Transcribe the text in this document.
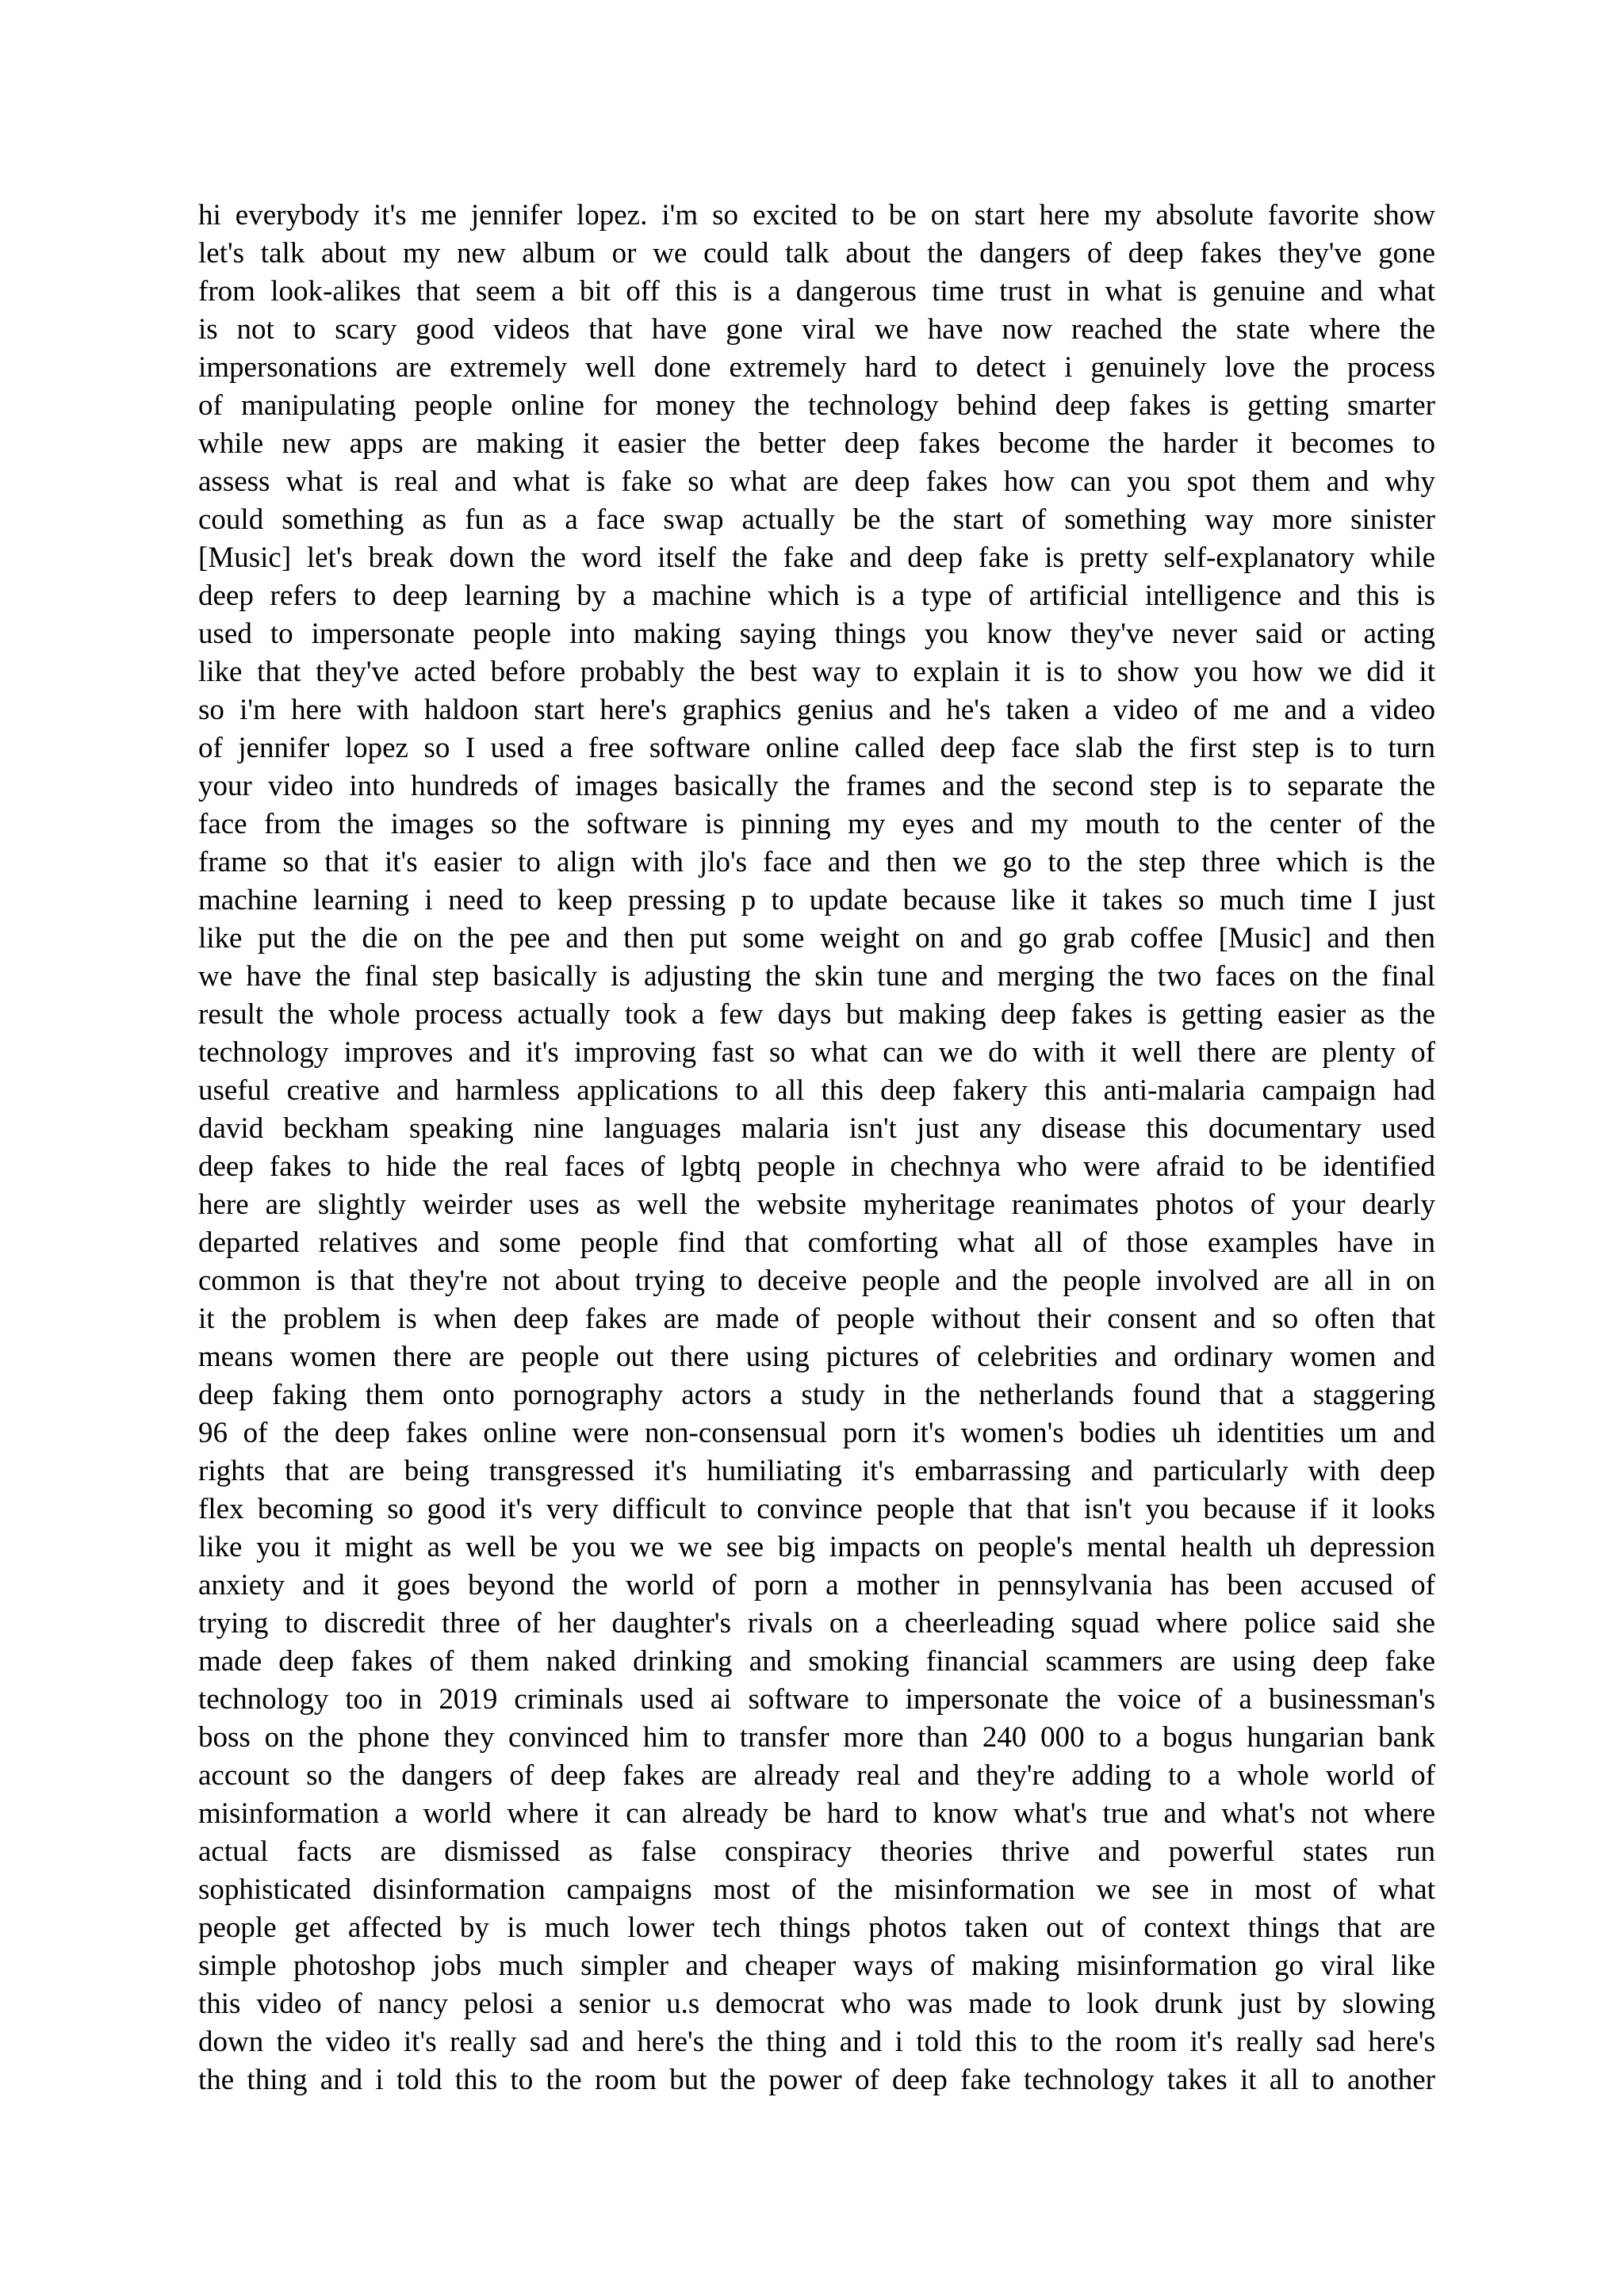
hi everybody it's me jennifer lopez. i'm so excited to be on start here my absolute favorite show
let's talk about my new album or we could talk about the dangers of deep fakes they've gone
from look-alikes that seem a bit off this is a dangerous time trust in what is genuine and what
is not to scary good videos that have gone viral we have now reached the state where the
impersonations are extremely well done extremely hard to detect i genuinely love the process
of manipulating people online for money the technology behind deep fakes is getting smarter
while new apps are making it easier the better deep fakes become the harder it becomes to
assess what is real and what is fake so what are deep fakes how can you spot them and why
could something as fun as a face swap actually be the start of something way more sinister
[Music] let's break down the word itself the fake and deep fake is pretty self-explanatory while
deep refers to deep learning by a machine which is a type of artificial intelligence and this is
used to impersonate people into making saying things you know they've never said or acting
like that they've acted before probably the best way to explain it is to show you how we did it
so i'm here with haldoon start here's graphics genius and he's taken a video of me and a video
of jennifer lopez so I used a free software online called deep face slab the first step is to turn
your video into hundreds of images basically the frames and the second step is to separate the
face from the images so the software is pinning my eyes and my mouth to the center of the
frame so that it's easier to align with jlo's face and then we go to the step three which is the
machine learning i need to keep pressing p to update because like it takes so much time I just
like put the die on the pee and then put some weight on and go grab coffee [Music] and then
we have the final step basically is adjusting the skin tune and merging the two faces on the final
result the whole process actually took a few days but making deep fakes is getting easier as the
technology improves and it's improving fast so what can we do with it well there are plenty of
useful creative and harmless applications to all this deep fakery this anti-malaria campaign had
david beckham speaking nine languages malaria isn't just any disease this documentary used
deep fakes to hide the real faces of lgbtq people in chechnya who were afraid to be identified
here are slightly weirder uses as well the website myheritage reanimates photos of your dearly
departed relatives and some people find that comforting what all of those examples have in
common is that they're not about trying to deceive people and the people involved are all in on
it the problem is when deep fakes are made of people without their consent and so often that
means women there are people out there using pictures of celebrities and ordinary women and
deep faking them onto pornography actors a study in the netherlands found that a staggering
96 of the deep fakes online were non-consensual porn it's women's bodies uh identities um and
rights that are being transgressed it's humiliating it's embarrassing and particularly with deep
flex becoming so good it's very difficult to convince people that that isn't you because if it looks
like you it might as well be you we we see big impacts on people's mental health uh depression
anxiety and it goes beyond the world of porn a mother in pennsylvania has been accused of
trying to discredit three of her daughter's rivals on a cheerleading squad where police said she
made deep fakes of them naked drinking and smoking financial scammers are using deep fake
technology too in 2019 criminals used ai software to impersonate the voice of a businessman's
boss on the phone they convinced him to transfer more than 240 000 to a bogus hungarian bank
account so the dangers of deep fakes are already real and they're adding to a whole world of
misinformation a world where it can already be hard to know what's true and what's not where
actual facts are dismissed as false conspiracy theories thrive and powerful states run
sophisticated disinformation campaigns most of the misinformation we see in most of what
people get affected by is much lower tech things photos taken out of context things that are
simple photoshop jobs much simpler and cheaper ways of making misinformation go viral like
this video of nancy pelosi a senior u.s democrat who was made to look drunk just by slowing
down the video it's really sad and here's the thing and i told this to the room it's really sad here's
the thing and i told this to the room but the power of deep fake technology takes it all to another
